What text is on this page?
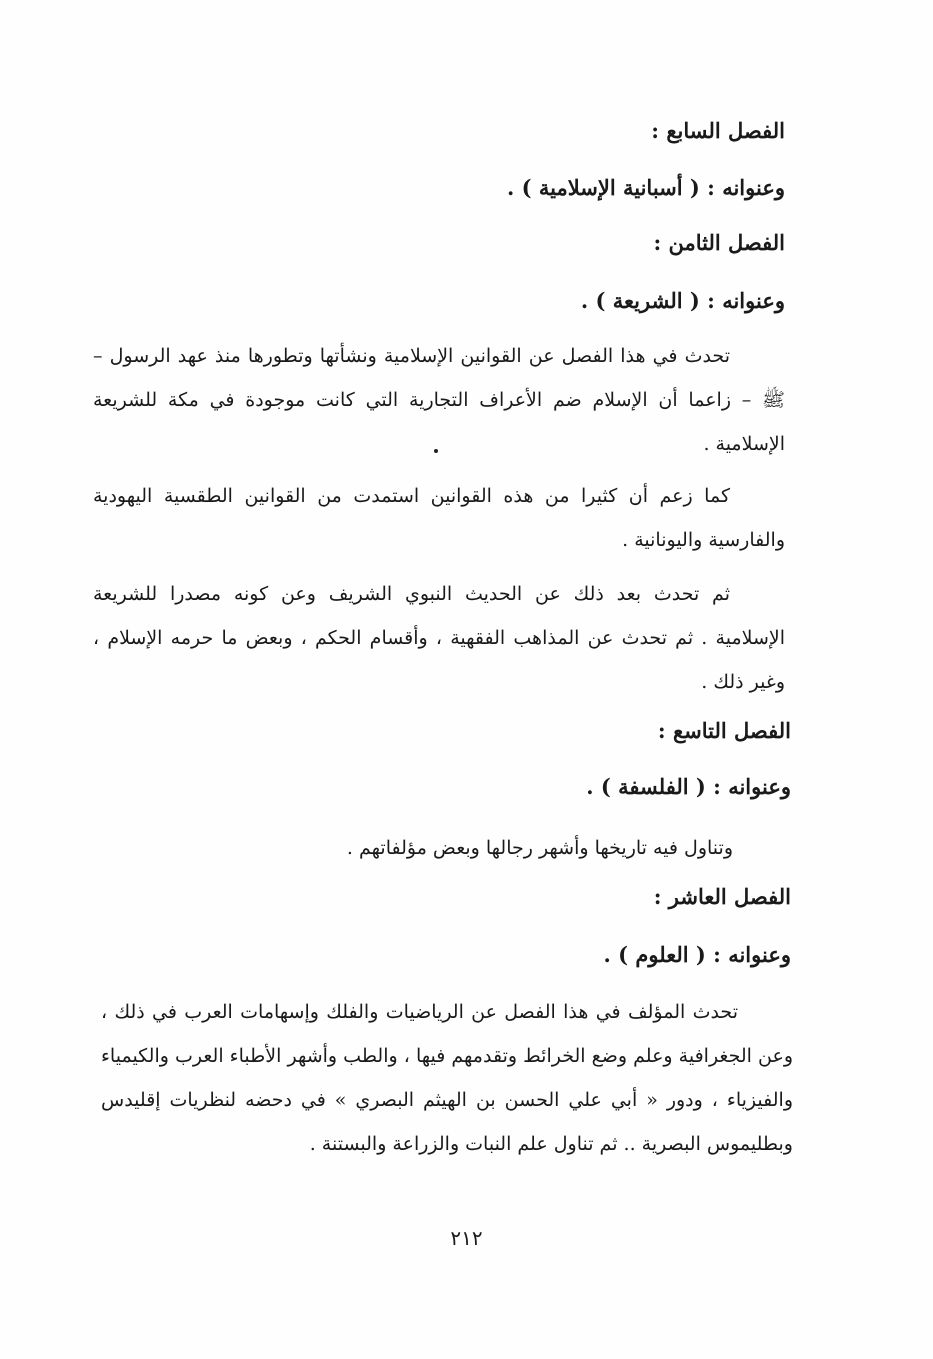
الفصل السابع :
وعنوانه : ( أسبانية الإسلامية ) .
الفصل الثامن :
وعنوانه : ( الشريعة ) .
تحدث في هذا الفصل عن القوانين الإسلامية ونشأتها وتطورها منذ عهد الرسول – ﷺ – زاعما أن الإسلام ضم الأعراف التجارية التي كانت موجودة في مكة للشريعة الإسلامية .
كما زعم أن كثيرا من هذه القوانين استمدت من القوانين الطقسية اليهودية والفارسية واليونانية .
ثم تحدث بعد ذلك عن الحديث النبوي الشريف وعن كونه مصدرا للشريعة الإسلامية . ثم تحدث عن المذاهب الفقهية ، وأقسام الحكم ، وبعض ما حرمه الإسلام ، وغير ذلك .
الفصل التاسع :
وعنوانه : ( الفلسفة ) .
وتناول فيه تاريخها وأشهر رجالها وبعض مؤلفاتهم .
الفصل العاشر :
وعنوانه : ( العلوم ) .
تحدث المؤلف في هذا الفصل عن الرياضيات والفلك وإسهامات العرب في ذلك ، وعن الجغرافية وعلم وضع الخرائط وتقدمهم فيها ، والطب وأشهر الأطباء العرب والكيمياء والفيزياء ، ودور « أبي علي الحسن بن الهيثم البصري » في دحضه لنظريات إقليدس وبطليموس البصرية .. ثم تناول علم النبات والزراعة والبستنة .
٢١٢
